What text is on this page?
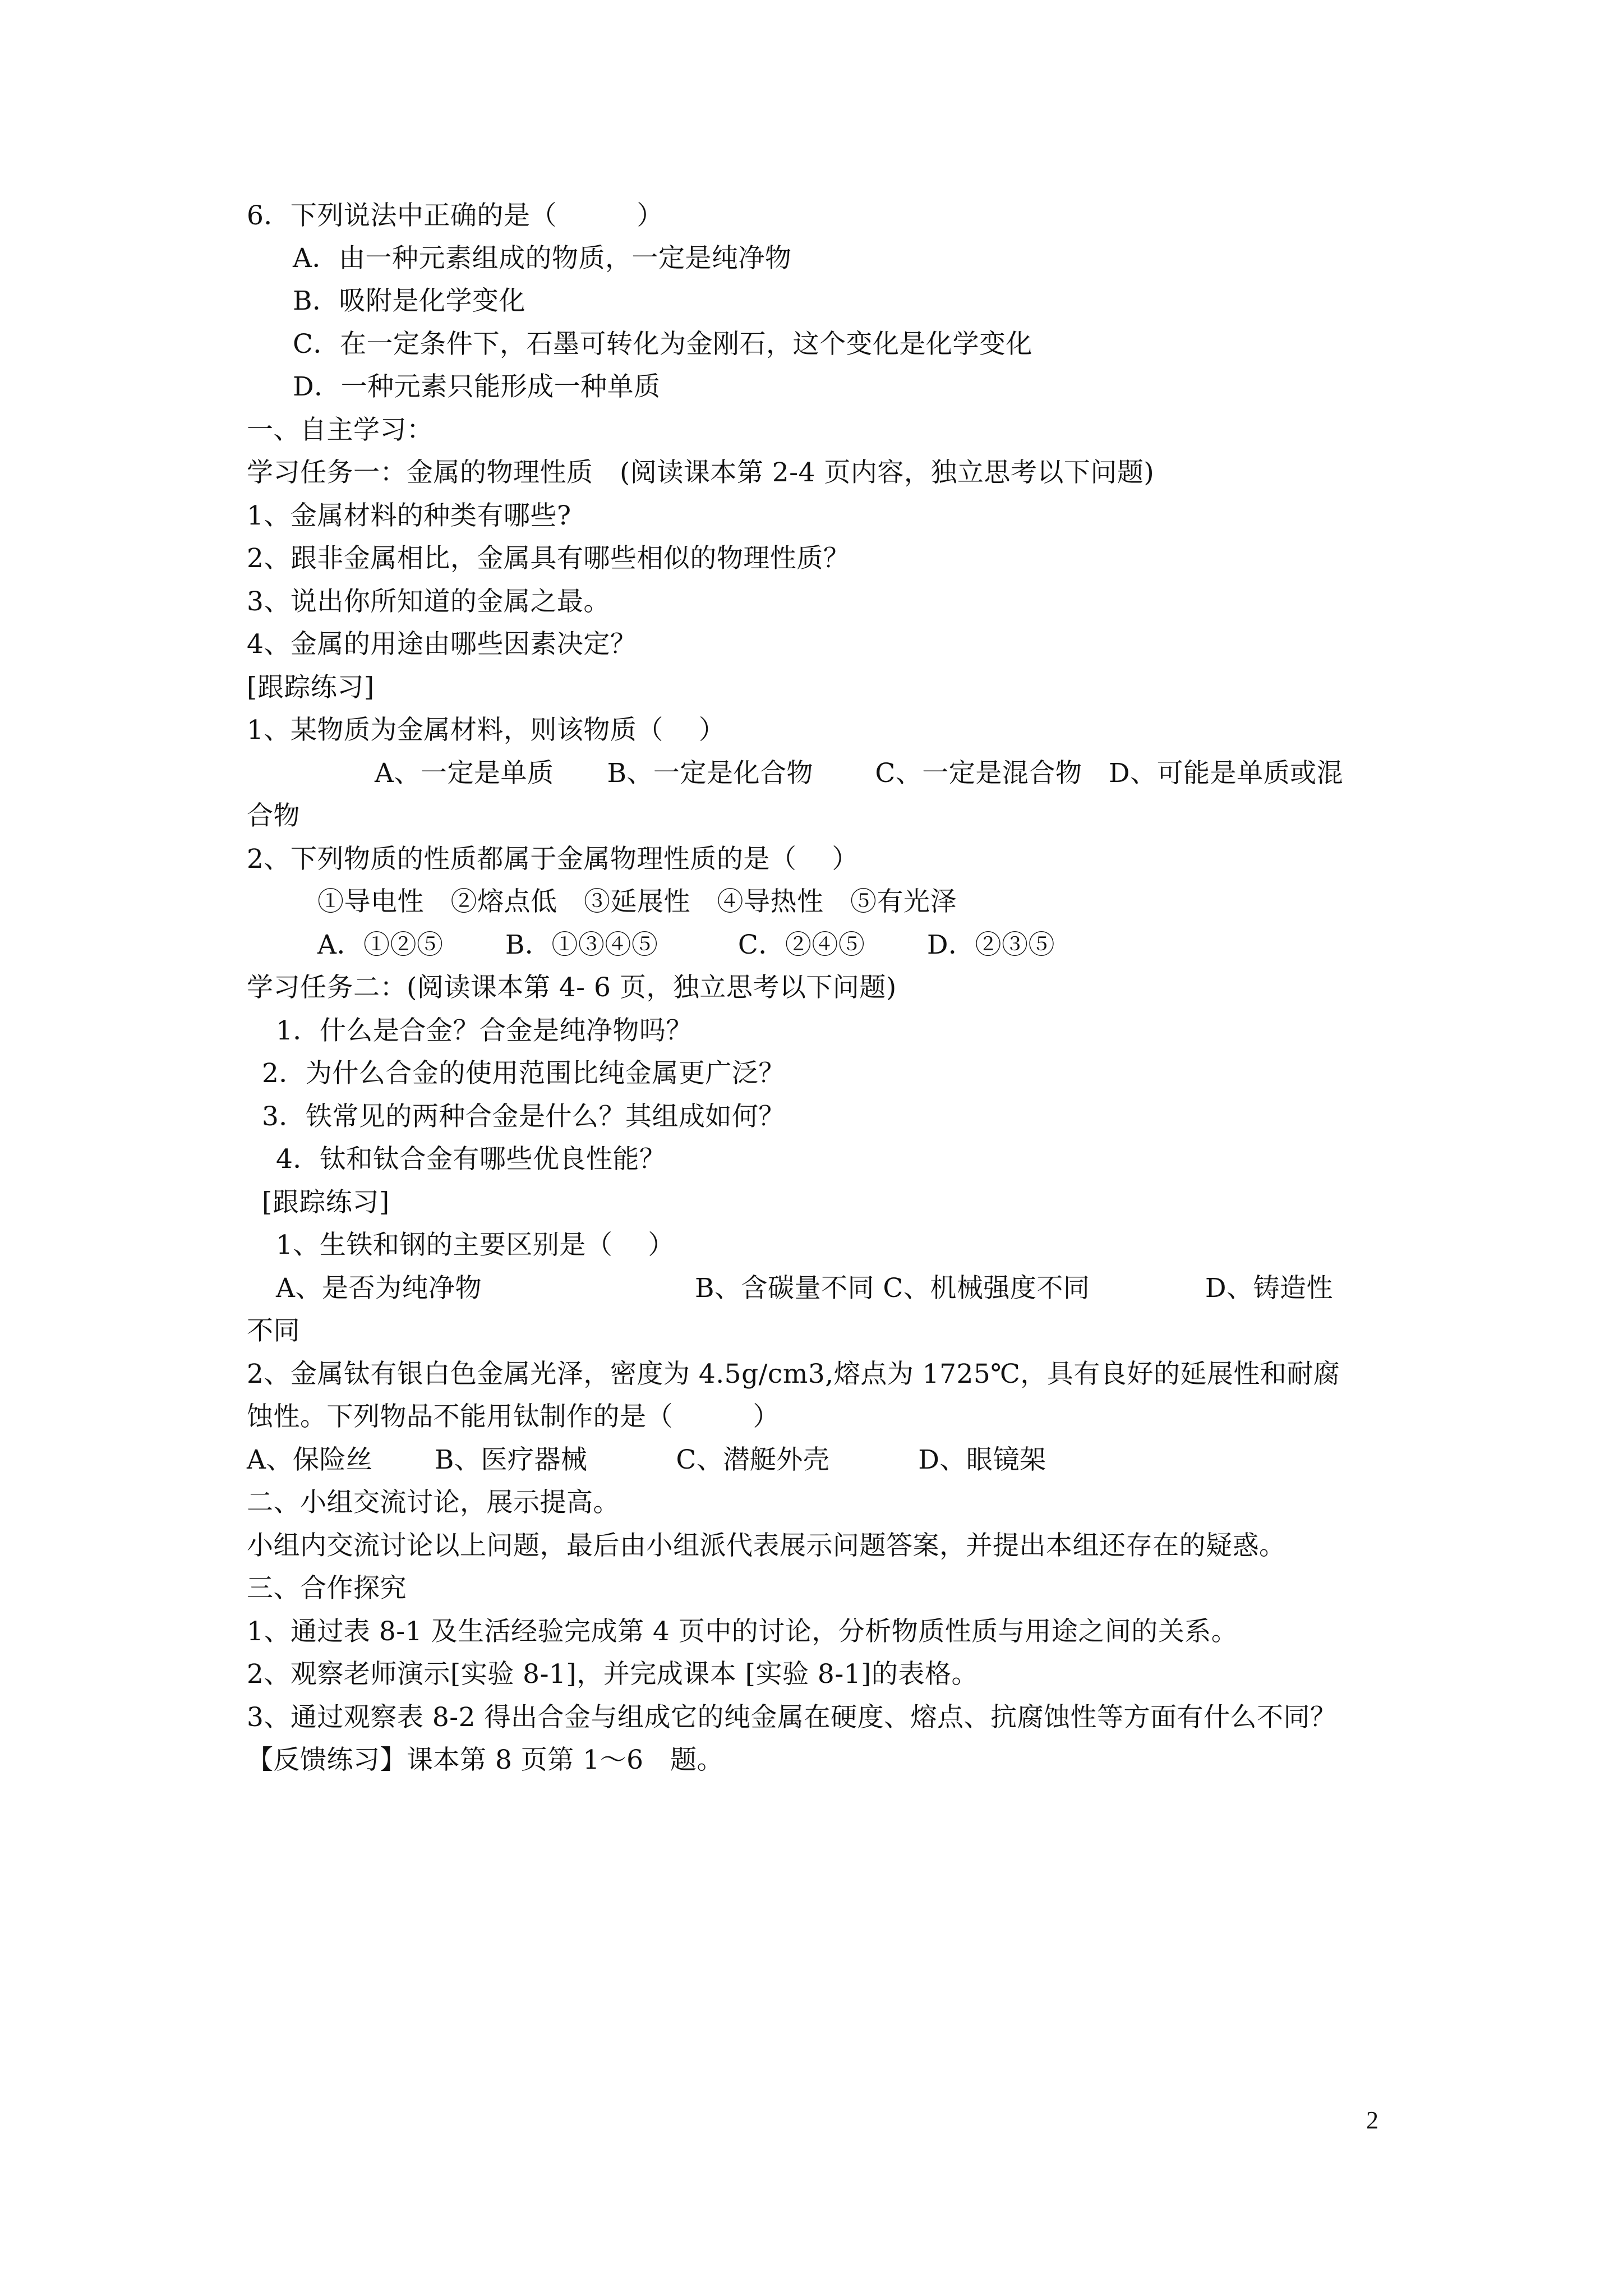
6．下列说法中正确的是（　　　）
A．由一种元素组成的物质，一定是纯净物
B．吸附是化学变化
C．在一定条件下，石墨可转化为金刚石，这个变化是化学变化
D．一种元素只能形成一种单质
一、自主学习：
学习任务一：金属的物理性质　(阅读课本第 2-4 页内容，独立思考以下问题)
1、金属材料的种类有哪些?
2、跟非金属相比，金属具有哪些相似的物理性质？
3、说出你所知道的金属之最。
4、金属的用途由哪些因素决定？
[跟踪练习]
1、某物质为金属材料，则该物质（　 ）
A、一定是单质　　B、一定是化合物　　 C、一定是混合物　D、可能是单质或混
合物
2、下列物质的性质都属于金属物理性质的是（　 ）
①导电性　②熔点低　③延展性　④导热性　⑤有光泽
A．①②⑤　　 B．①③④⑤　　　C．②④⑤　　 D．②③⑤
学习任务二：(阅读课本第 4- 6 页，独立思考以下问题)
1．什么是合金？合金是纯净物吗？
2．为什么合金的使用范围比纯金属更广泛？
3．铁常见的两种合金是什么？其组成如何？
4．钛和钛合金有哪些优良性能？
[跟踪练习]
1、生铁和钢的主要区别是（　 ）
A、是否为纯净物　　　　　　　　B、含碳量不同 C、机械强度不同　　　　 D、铸造性
不同
2、金属钛有银白色金属光泽，密度为 4.5g/cm3,熔点为 1725℃，具有良好的延展性和耐腐
蚀性。下列物品不能用钛制作的是（　　　）
A、保险丝　　 B、医疗器械　　　 C、潜艇外壳　　　 D、眼镜架
二、小组交流讨论，展示提高。
小组内交流讨论以上问题，最后由小组派代表展示问题答案，并提出本组还存在的疑惑。
三、合作探究
1、通过表 8-1 及生活经验完成第 4 页中的讨论，分析物质性质与用途之间的关系。
2、观察老师演示[实验 8-1]，并完成课本 [实验 8-1]的表格。
3、通过观察表 8-2 得出合金与组成它的纯金属在硬度、熔点、抗腐蚀性等方面有什么不同？
【反馈练习】课本第 8 页第 1～6　题。
2
